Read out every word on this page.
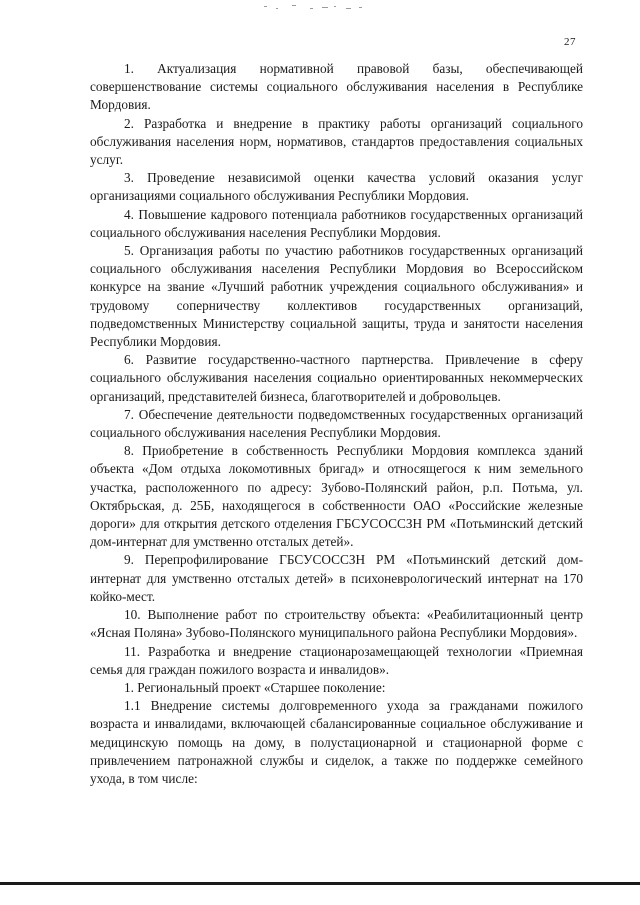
27

1. Актуализация нормативной правовой базы, обеспечивающей совершенствование системы социального обслуживания населения в Республике Мордовия.

2. Разработка и внедрение в практику работы организаций социального обслуживания населения норм, нормативов, стандартов предоставления социальных услуг.

3. Проведение независимой оценки качества условий оказания услуг организациями социального обслуживания Республики Мордовия.

4. Повышение кадрового потенциала работников государственных организаций социального обслуживания населения Республики Мордовия.

5. Организация работы по участию работников государственных организаций социального обслуживания населения Республики Мордовия во Всероссийском конкурсе на звание «Лучший работник учреждения социального обслуживания» и трудовому соперничеству коллективов государственных организаций, подведомственных Министерству социальной защиты, труда и занятости населения Республики Мордовия.

6. Развитие государственно-частного партнерства. Привлечение в сферу социального обслуживания населения социально ориентированных некоммерческих организаций, представителей бизнеса, благотворителей и добровольцев.

7. Обеспечение деятельности подведомственных государственных организаций социального обслуживания населения Республики Мордовия.

8. Приобретение в собственность Республики Мордовия комплекса зданий объекта «Дом отдыха локомотивных бригад» и относящегося к ним земельного участка, расположенного по адресу: Зубово-Полянский район, р.п. Потьма, ул. Октябрьская, д. 25Б, находящегося в собственности ОАО «Российские железные дороги» для открытия детского отделения ГБСУСОССЗН РМ «Потьминский детский дом-интернат для умственно отсталых детей».

9. Перепрофилирование ГБСУСОССЗН РМ «Потьминский детский дом-интернат для умственно отсталых детей» в психоневрологический интернат на 170 койко-мест.

10. Выполнение работ по строительству объекта: «Реабилитационный центр «Ясная Поляна» Зубово-Полянского муниципального района Республики Мордовия».

11. Разработка и внедрение стационарозамещающей технологии «Приемная семья для граждан пожилого возраста и инвалидов».

1. Региональный проект «Старшее поколение:

1.1 Внедрение системы долговременного ухода за гражданами пожилого возраста и инвалидами, включающей сбалансированные социальное обслуживание и медицинскую помощь на дому, в полустационарной и стационарной форме с привлечением патронажной службы и сиделок, а также по поддержке семейного ухода, в том числе:
